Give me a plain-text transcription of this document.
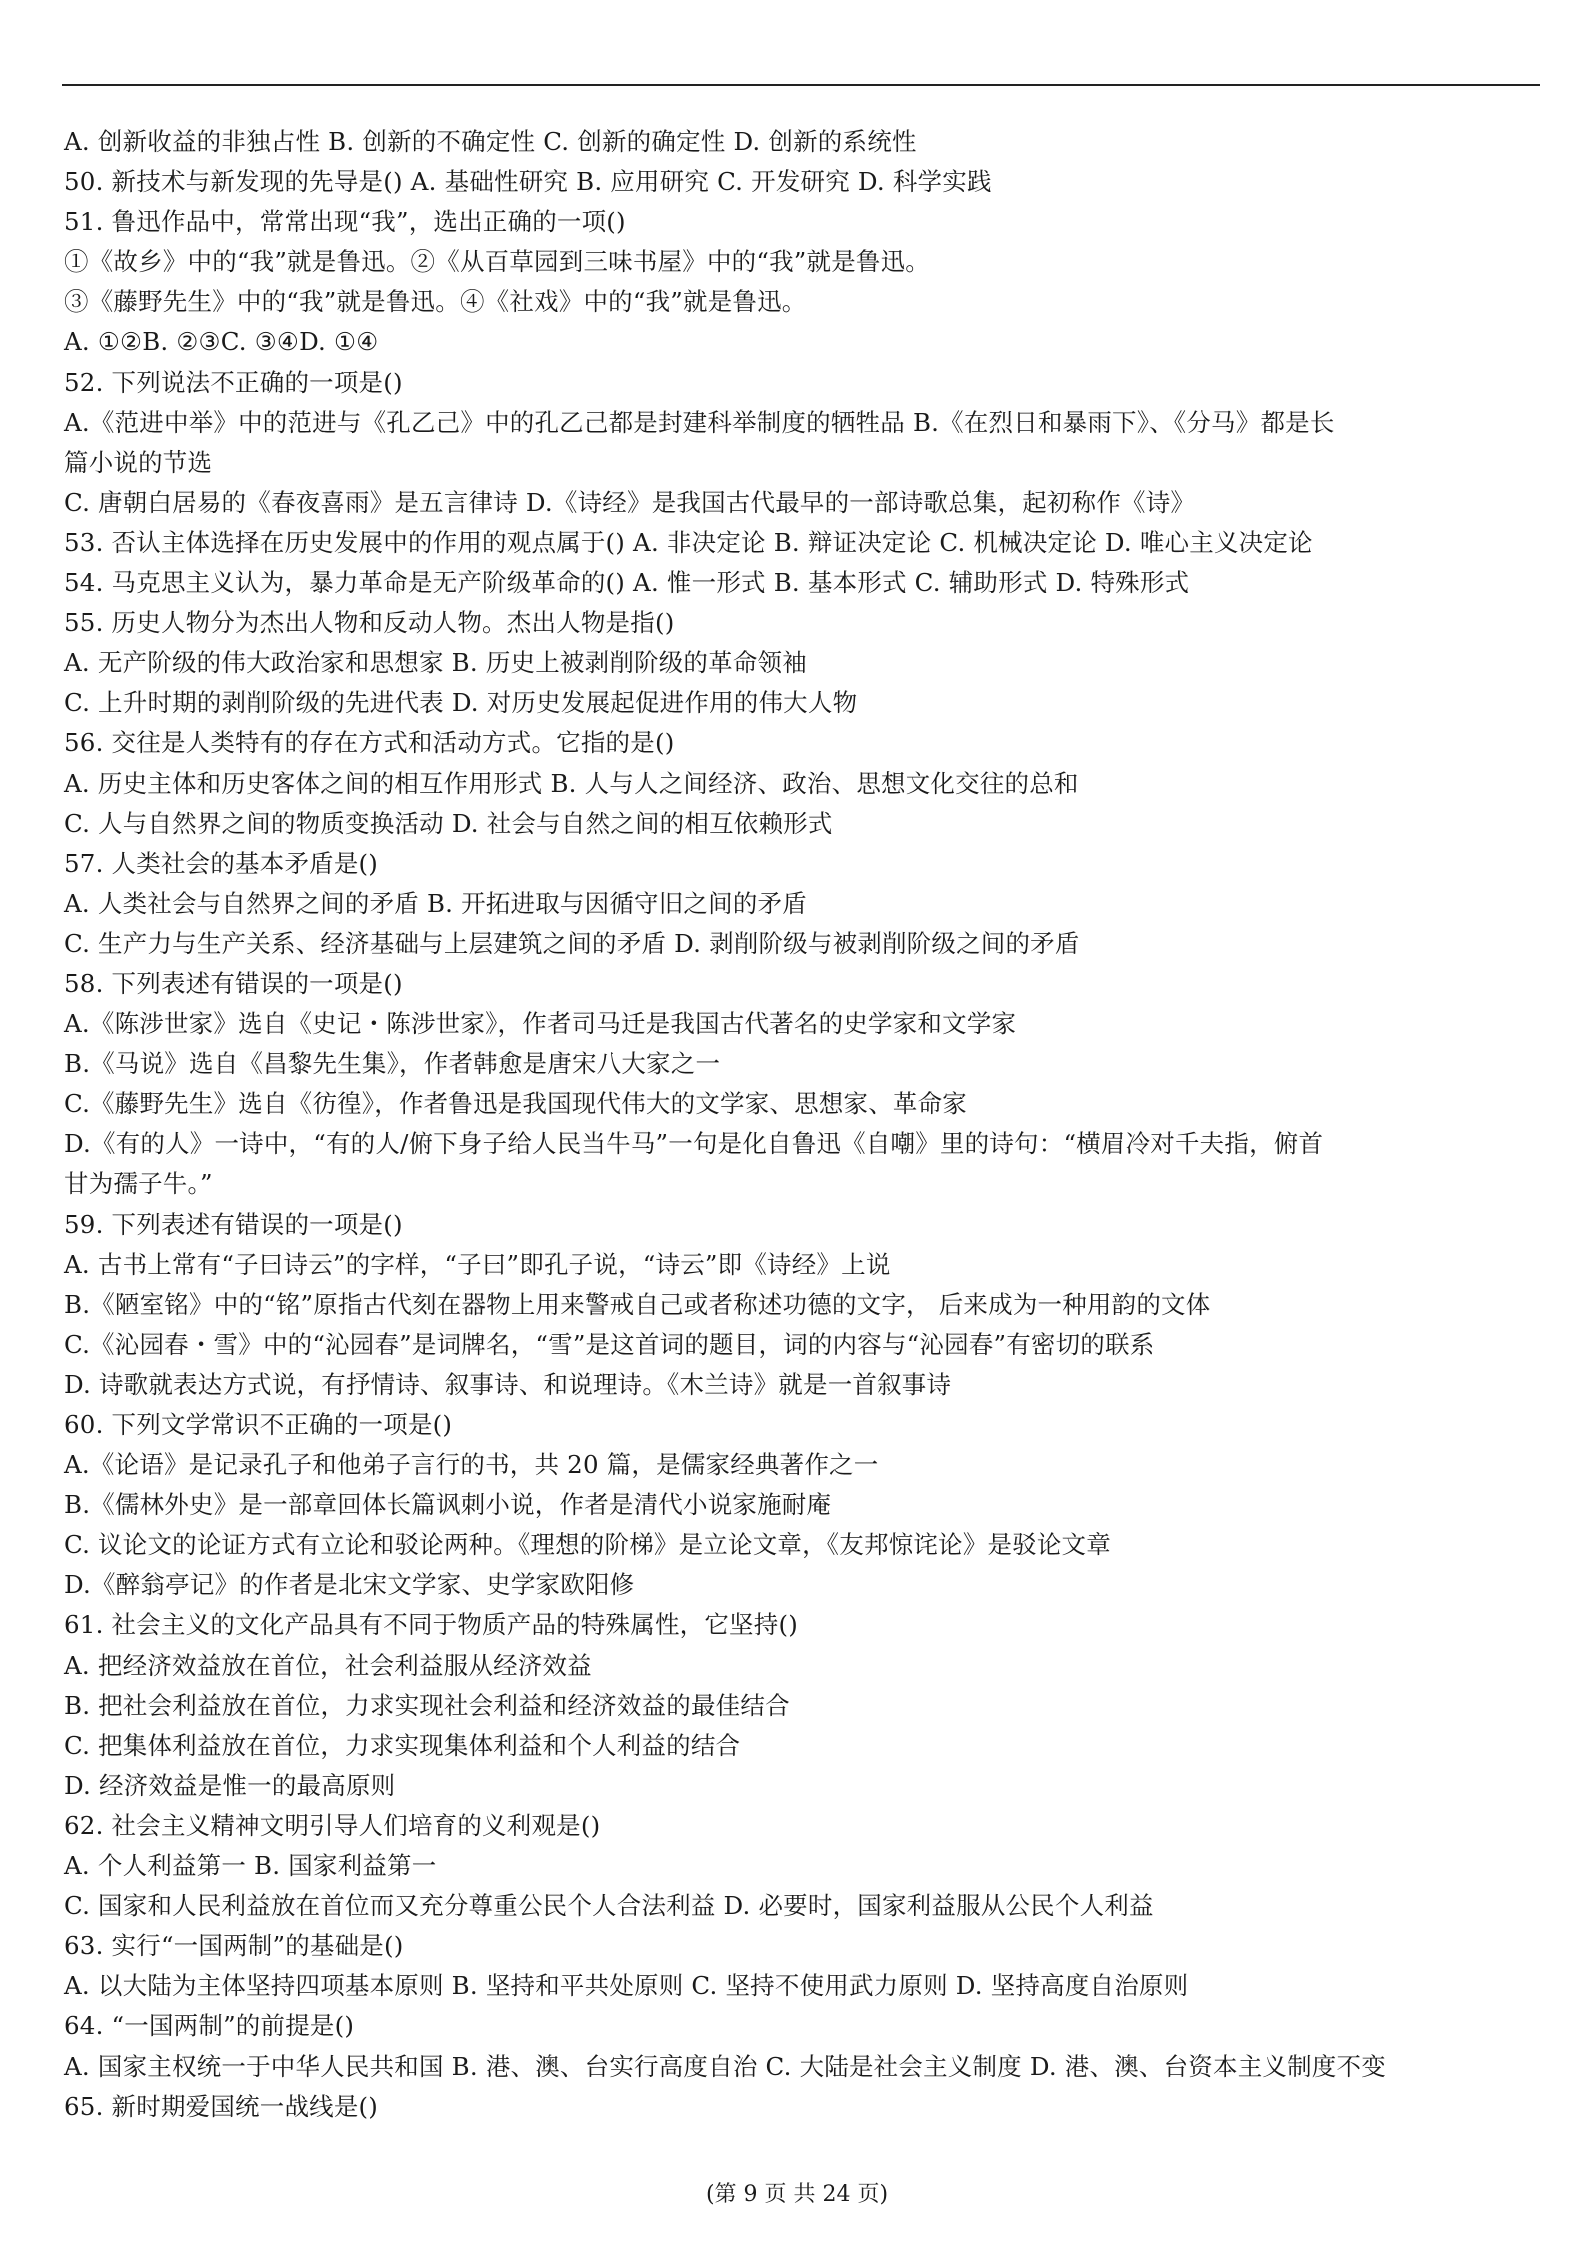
A. 创新收益的非独占性 B. 创新的不确定性 C. 创新的确定性 D. 创新的系统性
50. 新技术与新发现的先导是() A. 基础性研究 B. 应用研究 C. 开发研究 D. 科学实践
51. 鲁迅作品中，常常出现“我”，选出正确的一项()
①《故乡》中的“我”就是鲁迅。②《从百草园到三味书屋》中的“我”就是鲁迅。
③《藤野先生》中的“我”就是鲁迅。④《社戏》中的“我”就是鲁迅。
A. ①②B. ②③C. ③④D. ①④
52. 下列说法不正确的一项是()
A.《范进中举》中的范进与《孔乙己》中的孔乙己都是封建科举制度的牺牲品 B.《在烈日和暴雨下》、《分马》都是长
篇小说的节选
C. 唐朝白居易的《春夜喜雨》是五言律诗 D.《诗经》是我国古代最早的一部诗歌总集，起初称作《诗》
53. 否认主体选择在历史发展中的作用的观点属于() A. 非决定论 B. 辩证决定论 C. 机械决定论 D. 唯心主义决定论
54. 马克思主义认为，暴力革命是无产阶级革命的() A. 惟一形式 B. 基本形式 C. 辅助形式 D. 特殊形式
55. 历史人物分为杰出人物和反动人物。杰出人物是指()
A. 无产阶级的伟大政治家和思想家 B. 历史上被剥削阶级的革命领袖
C. 上升时期的剥削阶级的先进代表 D. 对历史发展起促进作用的伟大人物
56. 交往是人类特有的存在方式和活动方式。它指的是()
A. 历史主体和历史客体之间的相互作用形式 B. 人与人之间经济、政治、思想文化交往的总和
C. 人与自然界之间的物质变换活动 D. 社会与自然之间的相互依赖形式
57. 人类社会的基本矛盾是()
A. 人类社会与自然界之间的矛盾 B. 开拓进取与因循守旧之间的矛盾
C. 生产力与生产关系、经济基础与上层建筑之间的矛盾 D. 剥削阶级与被剥削阶级之间的矛盾
58. 下列表述有错误的一项是()
A.《陈涉世家》选自《史记・陈涉世家》，作者司马迁是我国古代著名的史学家和文学家
B.《马说》选自《昌黎先生集》，作者韩愈是唐宋八大家之一
C.《藤野先生》选自《彷徨》，作者鲁迅是我国现代伟大的文学家、思想家、革命家
D.《有的人》一诗中，“有的人/俯下身子给人民当牛马”一句是化自鲁迅《自嘲》里的诗句：“横眉冷对千夫指，俯首
甘为孺子牛。”
59. 下列表述有错误的一项是()
A. 古书上常有“子曰诗云”的字样，“子曰”即孔子说，“诗云”即《诗经》上说
B.《陋室铭》中的“铭”原指古代刻在器物上用来警戒自己或者称述功德的文字， 后来成为一种用韵的文体
C.《沁园春・雪》中的“沁园春”是词牌名，“雪”是这首词的题目，词的内容与“沁园春”有密切的联系
D. 诗歌就表达方式说，有抒情诗、叙事诗、和说理诗。《木兰诗》就是一首叙事诗
60. 下列文学常识不正确的一项是()
A.《论语》是记录孔子和他弟子言行的书，共 20 篇，是儒家经典著作之一
B.《儒林外史》是一部章回体长篇讽刺小说，作者是清代小说家施耐庵
C. 议论文的论证方式有立论和驳论两种。《理想的阶梯》是立论文章，《友邦惊诧论》是驳论文章
D.《醉翁亭记》的作者是北宋文学家、史学家欧阳修
61. 社会主义的文化产品具有不同于物质产品的特殊属性，它坚持()
A. 把经济效益放在首位，社会利益服从经济效益
B. 把社会利益放在首位，力求实现社会利益和经济效益的最佳结合
C. 把集体利益放在首位，力求实现集体利益和个人利益的结合
D. 经济效益是惟一的最高原则
62. 社会主义精神文明引导人们培育的义利观是()
A. 个人利益第一 B. 国家利益第一
C. 国家和人民利益放在首位而又充分尊重公民个人合法利益 D. 必要时，国家利益服从公民个人利益
63. 实行“一国两制”的基础是()
A. 以大陆为主体坚持四项基本原则 B. 坚持和平共处原则 C. 坚持不使用武力原则 D. 坚持高度自治原则
64. “一国两制”的前提是()
A. 国家主权统一于中华人民共和国 B. 港、澳、台实行高度自治 C. 大陆是社会主义制度 D. 港、澳、台资本主义制度不变
65. 新时期爱国统一战线是()
(第 9 页 共 24 页)
